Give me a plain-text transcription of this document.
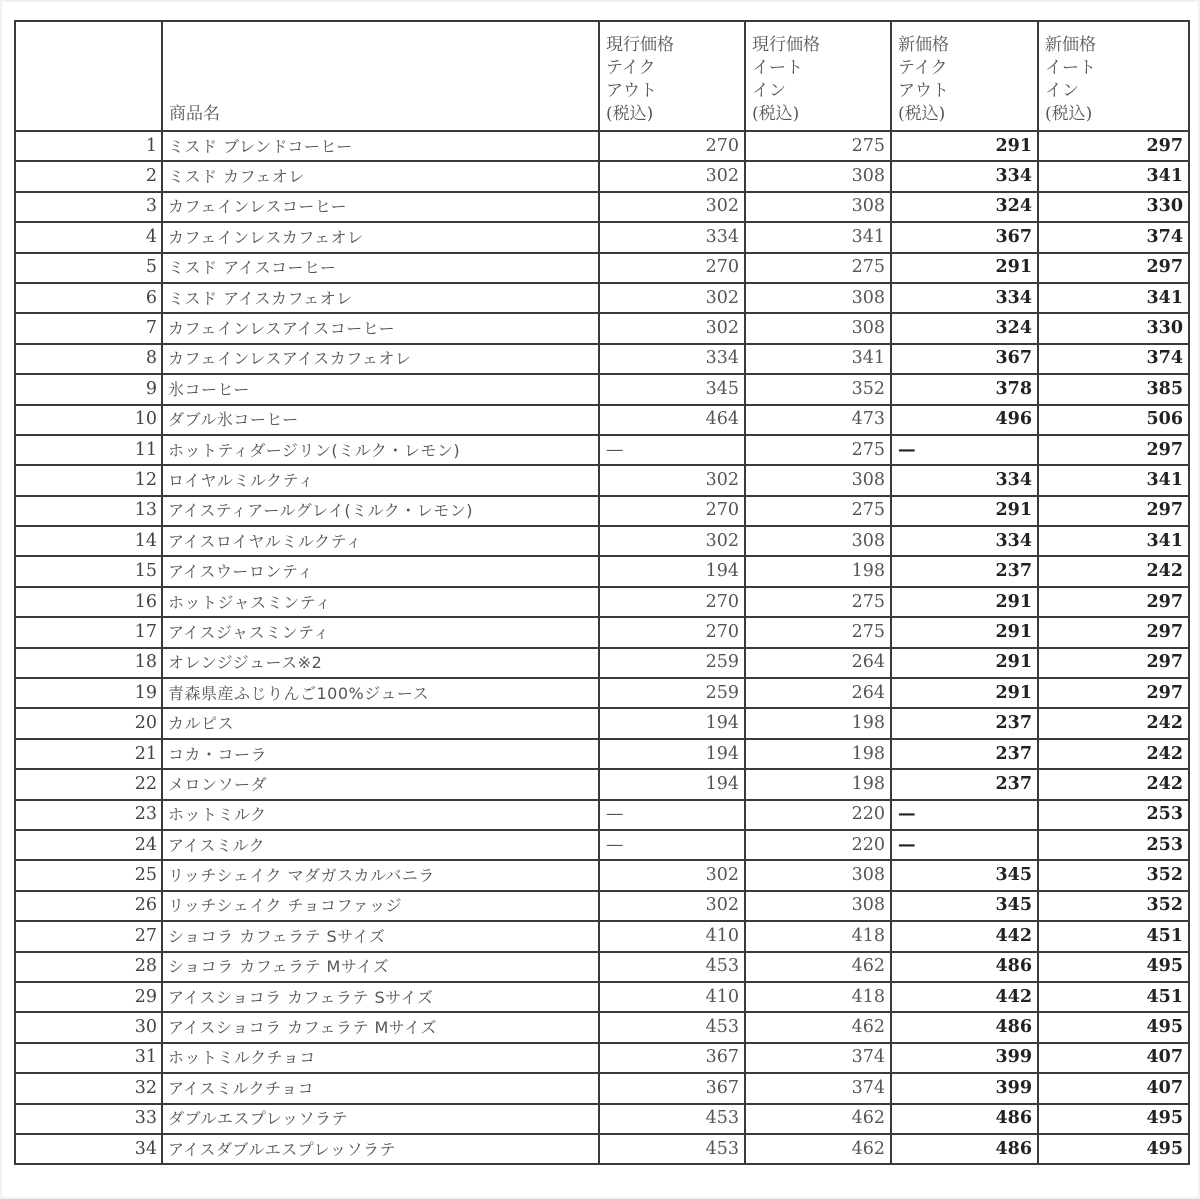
	商品名	現行価格
テイク
アウト
(税込)	現行価格
イート
イン
(税込)	新価格
テイク
アウト
(税込)	新価格
イート
イン
(税込)

1	ミスド ブレンドコーヒー	270	275	291	297
2	ミスド カフェオレ	302	308	334	341
3	カフェインレスコーヒー	302	308	324	330
4	カフェインレスカフェオレ	334	341	367	374
5	ミスド アイスコーヒー	270	275	291	297
6	ミスド アイスカフェオレ	302	308	334	341
7	カフェインレスアイスコーヒー	302	308	324	330
8	カフェインレスアイスカフェオレ	334	341	367	374
9	氷コーヒー	345	352	378	385
10	ダブル氷コーヒー	464	473	496	506
11	ホットティダージリン(ミルク・レモン)	—	275	—	297
12	ロイヤルミルクティ	302	308	334	341
13	アイスティアールグレイ(ミルク・レモン)	270	275	291	297
14	アイスロイヤルミルクティ	302	308	334	341
15	アイスウーロンティ	194	198	237	242
16	ホットジャスミンティ	270	275	291	297
17	アイスジャスミンティ	270	275	291	297
18	オレンジジュース※2	259	264	291	297
19	青森県産ふじりんご100%ジュース	259	264	291	297
20	カルピス	194	198	237	242
21	コカ・コーラ	194	198	237	242
22	メロンソーダ	194	198	237	242
23	ホットミルク	—	220	—	253
24	アイスミルク	—	220	—	253
25	リッチシェイク マダガスカルバニラ	302	308	345	352
26	リッチシェイク チョコファッジ	302	308	345	352
27	ショコラ カフェラテ Sサイズ	410	418	442	451
28	ショコラ カフェラテ Mサイズ	453	462	486	495
29	アイスショコラ カフェラテ Sサイズ	410	418	442	451
30	アイスショコラ カフェラテ Mサイズ	453	462	486	495
31	ホットミルクチョコ	367	374	399	407
32	アイスミルクチョコ	367	374	399	407
33	ダブルエスプレッソラテ	453	462	486	495
34	アイスダブルエスプレッソラテ	453	462	486	495
